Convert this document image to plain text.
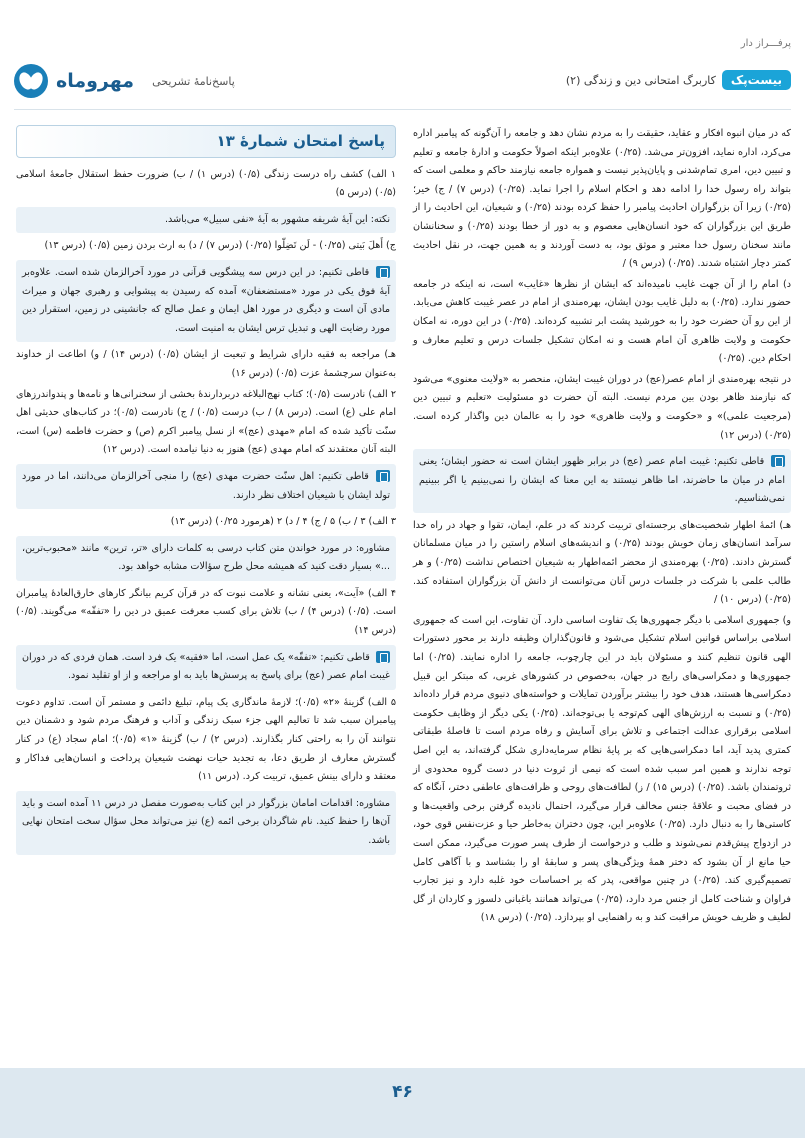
پرفـــراز دار
بیست‌پک
کاربرگ امتحانی دین و زندگی (۲)
پاسخ‌نامهٔ تشریحی
مهروماه

که در میان انبوه افکار و عقاید، حقیقت را به مردم نشان دهد و جامعه را آن‌گونه که پیامبر اداره می‌کرد، اداره نماید، افزون‌تر می‌شد. (۰/۲۵) علاوه‌بر اینکه اصولاً حکومت و ادارهٔ جامعه و تعلیم و تبیین دین، امری تمام‌شدنی و پایان‌پذیر نیست و همواره جامعه نیازمند حاکم و معلمی است که بتواند راه رسول خدا را ادامه دهد و احکام اسلام را اجرا نماید. (۰/۲۵) (درس ۷) / ج) خیر؛ (۰/۲۵) زیرا آن بزرگواران احادیث پیامبر را حفظ کرده بودند (۰/۲۵) و شیعیان، این احادیث را از طریق این بزرگواران که خود انسان‌هایی معصوم و به دور از خطا بودند (۰/۲۵) و سخنانشان مانند سخنان رسول خدا معتبر و موثق بود، به دست آوردند و به همین جهت، در نقل احادیث کمتر دچار اشتباه شدند. (۰/۲۵) (درس ۹) /

د) امام را از آن جهت غایب نامیده‌اند که ایشان از نظرها «غایب» است، نه اینکه در جامعه حضور ندارد. (۰/۲۵) به دلیل غایب بودن ایشان، بهره‌مندی از امام در عصر غیبت کاهش می‌یابد. از این رو آن حضرت خود را به خورشید پشت ابر تشبیه کرده‌اند. (۰/۲۵) در این دوره، نه امکان حکومت و ولایت ظاهری آن امام هست و نه امکان تشکیل جلسات درس و تعلیم معارف و احکام دین. (۰/۲۵)

در نتیجه بهره‌مندی از امام عصر(عج) در دوران غیبت ایشان، منحصر به «ولایت معنوی» می‌شود که نیازمند ظاهر بودن بین مردم نیست. البته آن حضرت دو مسئولیت «تعلیم و تبیین دین (مرجعیت علمی)» و «حکومت و ولایت ظاهری» خود را به عالمان دین واگذار کرده است. (۰/۲۵) (درس ۱۲)

قاطی تکنیم: غیبت امام عصر (عج) در برابر ظهور ایشان است نه حضور ایشان؛ یعنی امام در میان ما حاضرند، اما ظاهر نیستند به این معنا که ایشان را نمی‌بینیم یا اگر ببینیم نمی‌شناسیم.

هـ) ائمهٔ اطهار شخصیت‌های برجسته‌ای تربیت کردند که در علم، ایمان، تقوا و جهاد در راه خدا سرآمد انسان‌های زمان خویش بودند (۰/۲۵) و اندیشه‌های اسلام راستین را در میان مسلمانان گسترش دادند. (۰/۲۵) بهره‌مندی از محضر ائمه‌اطهار به شیعیان اختصاص نداشت (۰/۲۵) و هر طالب علمی با شرکت در جلسات درس آنان می‌توانست از دانش آن بزرگواران استفاده کند. (۰/۲۵) (درس ۱۰) /

و) جمهوری اسلامی با دیگر جمهوری‌ها یک تفاوت اساسی دارد. آن تفاوت، این است که جمهوری اسلامی براساس قوانین اسلام تشکیل می‌شود و قانون‌گذاران وظیفه دارند بر محور دستورات الهی قانون تنظیم کنند و مسئولان باید در این چارچوب، جامعه را اداره نمایند. (۰/۲۵) اما جمهوری‌ها و دمکراسی‌های رایج در جهان، به‌خصوص در کشورهای غربی، که مبتکر این قبیل دمکراسی‌ها هستند، هدف خود را بیشتر برآوردن تمایلات و خواسته‌های دنیوی مردم قرار داده‌اند (۰/۲۵) و نسبت به ارزش‌های الهی کم‌توجه یا بی‌توجه‌اند. (۰/۲۵) یکی دیگر از وظایف حکومت اسلامی برقراری عدالت اجتماعی و تلاش برای آسایش و رفاه مردم است تا فاصلهٔ طبقاتی کمتری پدید آید، اما دمکراسی‌هایی که بر پایهٔ نظام سرمایه‌داری شکل گرفته‌اند، به این اصل توجه ندارند و همین امر سبب شده است که نیمی از ثروت دنیا در دست گروه محدودی از ثروتمندان باشد. (۰/۲۵) (درس ۱۵) / ز) لطافت‌های روحی و ظرافت‌های عاطفی دختر، آنگاه که در فضای محبت و علاقهٔ جنس مخالف قرار می‌گیرد، احتمال نادیده گرفتن برخی واقعیت‌ها و کاستی‌ها را به دنبال دارد. (۰/۲۵) علاوه‌بر این، چون دختران به‌خاطر حیا و عزت‌نفس قوی خود، در ازدواج پیش‌قدم نمی‌شوند و طلب و درخواست از طرف پسر صورت می‌گیرد، ممکن است حیا مانع از آن بشود که دختر همهٔ ویژگی‌های پسر و سابقهٔ او را بشناسد و با آگاهی کامل تصمیم‌گیری کند. (۰/۲۵) در چنین مواقعی، پدر که بر احساسات خود غلبه دارد و نیز تجارب فراوان و شناخت کامل از جنس مرد دارد، (۰/۲۵) می‌تواند همانند باغبانی دلسوز و کاردان از گل لطیف و ظریف خویش مراقبت کند و به راهنمایی او بپردازد. (۰/۲۵) (درس ۱۸)

پاسخ امتحان شمارهٔ ۱۳

۱ الف) کشف راه درست زندگی (۰/۵) (درس ۱) / ب) ضرورت حفظ استقلال جامعهٔ اسلامی (۰/۵) (درس ۵)

نکته: این آیهٔ شریفه مشهور به آیهٔ «نفی سبیل» می‌باشد.

ج) أَهلَ بَیتی (۰/۲۵) - لَن تَضِلّوا (۰/۲۵) (درس ۷) / د) به ارث بردن زمین (۰/۵) (درس ۱۳)

قاطی تکنیم: در این درس سه پیشگویی قرآنی در مورد آخرالزمان شده است. علاوه‌بر آیهٔ فوق یکی در مورد «مستضعفان» آمده که رسیدن به پیشوایی و رهبری جهان و میراث مادی آن است و دیگری در مورد اهل ایمان و عمل صالح که جانشینی در زمین، استقرار دین مورد رضایت الهی و تبدیل ترس ایشان به امنیت است.

هـ) مراجعه به فقیه دارای شرایط و تبعیت از ایشان (۰/۵) (درس ۱۴) / و) اطاعت از خداوند به‌عنوان سرچشمهٔ عزت (۰/۵) (درس ۱۶)

۲ الف) نادرست (۰/۵)؛ کتاب نهج‌البلاغه دربردارندهٔ بخشی از سخنرانی‌ها و نامه‌ها و پندواندرزهای امام علی (ع) است. (درس ۸) / ب) درست (۰/۵) / ج) نادرست (۰/۵)؛ در کتاب‌های حدیثی اهل سنّت تأکید شده که امام «مهدی (عج)» از نسل پیامبر اکرم (ص) و حضرت فاطمه (س) است، البته آنان معتقدند که امام مهدی (عج) هنوز به دنیا نیامده است. (درس ۱۲)

قاطی تکنیم: اهل سنّت حضرت مهدی (عج) را منجی آخرالزمان می‌دانند، اما در مورد تولد ایشان با شیعیان اختلاف نظر دارند.

۳ الف) ۳ / ب) ۵ / ج) ۴ / د) ۲ (هرمورد ۰/۲۵) (درس ۱۳)

مشاوره: در مورد خواندن متن کتاب درسی به کلمات دارای «تر، ترین» مانند «محبوب‌ترین، ...» بسیار دقت کنید که همیشه محل طرح سؤالات مشابه خواهد بود.

۴ الف) «آیت»، یعنی نشانه و علامت نبوت که در قرآن کریم بیانگر کارهای خارق‌العادهٔ پیامبران است. (۰/۵) (درس ۴) / ب) تلاش برای کسب معرفت عمیق در دین را «تفقّه» می‌گویند. (۰/۵) (درس ۱۴)

قاطی تکنیم: «تفقّه» یک عمل است، اما «فقیه» یک فرد است. همان فردی که در دوران غیبت امام عصر (عج) برای پاسخ به پرسش‌ها باید به او مراجعه و از او تقلید نمود.

۵ الف) گزینهٔ «۲» (۰/۵)؛ لازمهٔ ماندگاری یک پیام، تبلیغ دائمی و مستمر آن است. تداوم دعوت پیامبران سبب شد تا تعالیم الهی جزء سبک زندگی و آداب و فرهنگ مردم شود و دشمنان دین نتوانند آن را به راحتی کنار بگذارند. (درس ۲) / ب) گزینهٔ «۱» (۰/۵)؛ امام سجاد (ع) در کنار گسترش معارف از طریق دعا، به تجدید حیات نهضت شیعیان پرداخت و انسان‌هایی فداکار و معتقد و دارای بینش عمیق، تربیت کرد. (درس ۱۱)

مشاوره: اقدامات امامان بزرگوار در این کتاب به‌صورت مفصل در درس ۱۱ آمده است و باید آن‌ها را حفظ کنید. نام شاگردان برخی ائمه (ع) نیز می‌تواند محل سؤال سخت امتحان نهایی باشد.
۴۶
